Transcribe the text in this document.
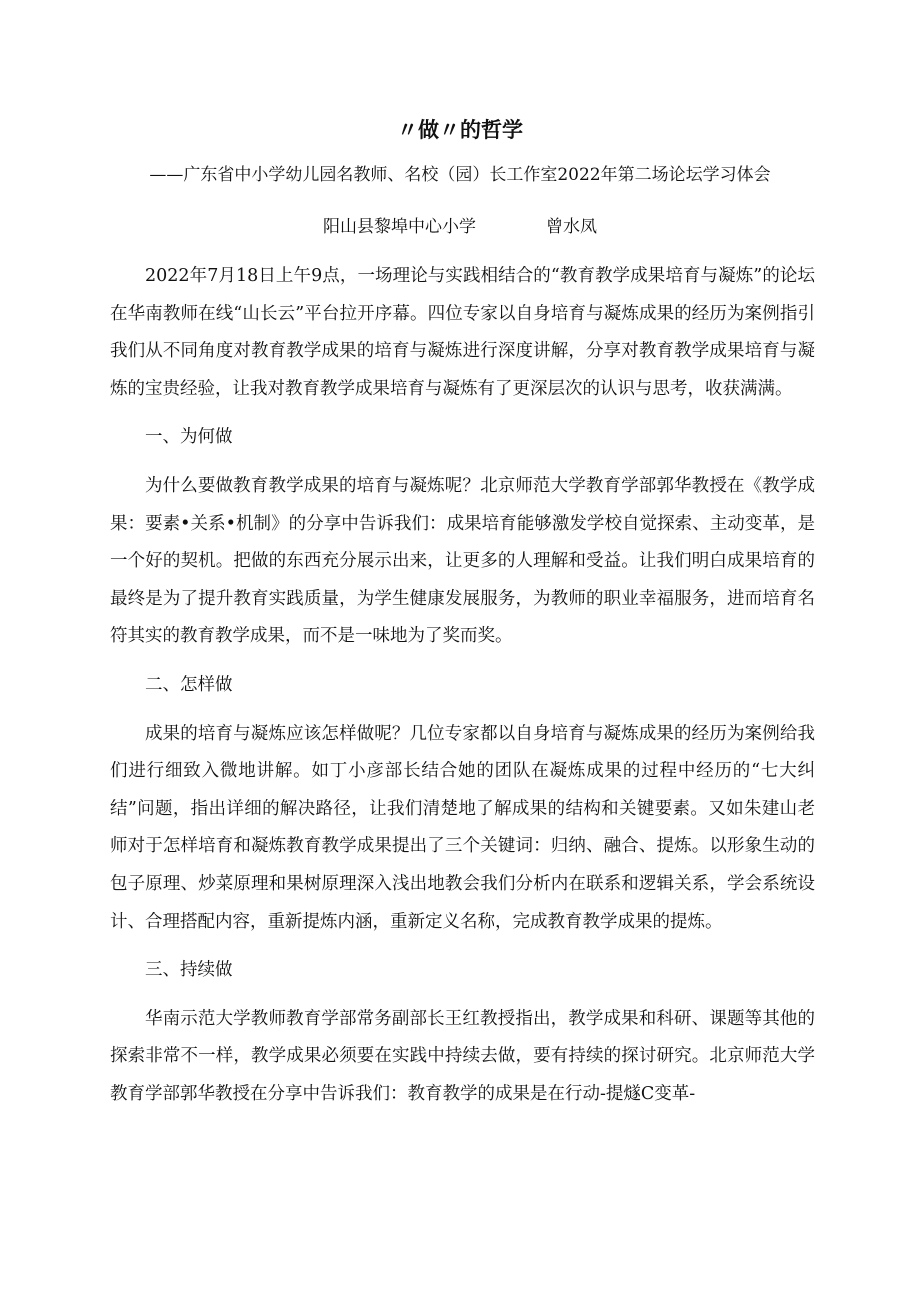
〃做〃的哲学

——广东省中小学幼儿园名教师、名校（园）长工作室2022年第二场论坛学习体会

阳山县黎埠中心小学	曾水凤

2022年7月18日上午9点，一场理论与实践相结合的“教育教学成果培育与凝炼”的论坛在华南教师在线“山长云”平台拉开序幕。四位专家以自身培育与凝炼成果的经历为案例指引我们从不同角度对教育教学成果的培育与凝炼进行深度讲解，分享对教育教学成果培育与凝炼的宝贵经验，让我对教育教学成果培育与凝炼有了更深层次的认识与思考，收获满满。

一、为何做

为什么要做教育教学成果的培育与凝炼呢？北京师范大学教育学部郭华教授在《教学成果：要素•关系•机制》的分享中告诉我们：成果培育能够激发学校自觉探索、主动变革，是一个好的契机。把做的东西充分展示出来，让更多的人理解和受益。让我们明白成果培育的最终是为了提升教育实践质量，为学生健康发展服务，为教师的职业幸福服务，进而培育名符其实的教育教学成果，而不是一味地为了奖而奖。

二、怎样做

成果的培育与凝炼应该怎样做呢？几位专家都以自身培育与凝炼成果的经历为案例给我们进行细致入微地讲解。如丁小彦部长结合她的团队在凝炼成果的过程中经历的“七大纠结”问题，指出详细的解决路径，让我们清楚地了解成果的结构和关键要素。又如朱建山老师对于怎样培育和凝炼教育教学成果提出了三个关键词：归纳、融合、提炼。以形象生动的包子原理、炒菜原理和果树原理深入浅出地教会我们分析内在联系和逻辑关系，学会系统设计、合理搭配内容，重新提炼内涵，重新定义名称，完成教育教学成果的提炼。

三、持续做

华南示范大学教师教育学部常务副部长王红教授指出，教学成果和科研、课题等其他的探索非常不一样，教学成果必须要在实践中持续去做，要有持续的探讨研究。北京师范大学教育学部郭华教授在分享中告诉我们：教育教学的成果是在行动-提燧C变革-
